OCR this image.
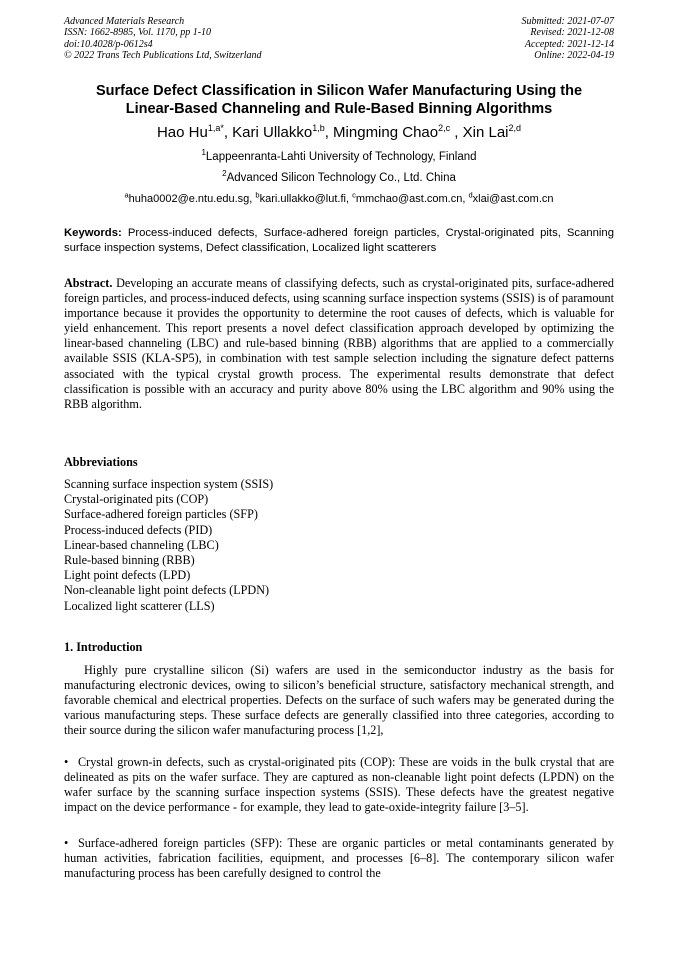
Advanced Materials Research
ISSN: 1662-8985, Vol. 1170, pp 1-10
doi:10.4028/p-0612s4
© 2022 Trans Tech Publications Ltd, Switzerland
Submitted: 2021-07-07
Revised: 2021-12-08
Accepted: 2021-12-14
Online: 2022-04-19
Surface Defect Classification in Silicon Wafer Manufacturing Using the
Linear-Based Channeling and Rule-Based Binning Algorithms
Hao $Hu^{1,a*}$, Kari Ullakko$^{1,b}$, Mingming Chao$^{2,c}$ , Xin Lai$^{2,d}$
$^1$Lappeenranta-Lahti University of Technology, Finland
$^2$Advanced Silicon Technology Co., Ltd. China
$^a$huha0002@e.ntu.edu.sg, $^b$kari.ullakko@lut.fi, $^c$mmchao@ast.com.cn, $^d$xlai@ast.com.cn
Keywords: Process-induced defects, Surface-adhered foreign particles, Crystal-originated pits, Scanning surface inspection systems, Defect classification, Localized light scatterers

Abstract. Developing an accurate means of classifying defects, such as crystal-originated pits, surface-adhered foreign particles, and process-induced defects, using scanning surface inspection systems (SSIS) is of paramount importance because it provides the opportunity to determine the root causes of defects, which is valuable for yield enhancement. This report presents a novel defect classification approach developed by optimizing the linear-based channeling (LBC) and rule-based binning (RBB) algorithms that are applied to a commercially available SSIS (KLA-SP5), in combination with test sample selection including the signature defect patterns associated with the typical crystal growth process. The experimental results demonstrate that defect classification is possible with an accuracy and purity above 80% using the LBC algorithm and 90% using the RBB algorithm.

Abbreviations
Scanning surface inspection system (SSIS)
Crystal-originated pits (COP)
Surface-adhered foreign particles (SFP)
Process-induced defects (PID)
Linear-based channeling (LBC)
Rule-based binning (RBB)
Light point defects (LPD)
Non-cleanable light point defects (LPDN)
Localized light scatterer (LLS)
1. Introduction

Highly pure crystalline silicon (Si) wafers are used in the semiconductor industry as the basis for manufacturing electronic devices, owing to silicon’s beneficial structure, satisfactory mechanical strength, and favorable chemical and electrical properties. Defects on the surface of such wafers may be generated during the various manufacturing steps. These surface defects are generally classified into three categories, according to their source during the silicon wafer manufacturing process [1,2],

• Crystal grown-in defects, such as crystal-originated pits (COP): These are voids in the bulk crystal that are delineated as pits on the wafer surface. They are captured as non-cleanable light point defects (LPDN) on the wafer surface by the scanning surface inspection systems (SSIS). These defects have the greatest negative impact on the device performance - for example, they lead to gate-oxide-integrity failure [3–5].

• Surface-adhered foreign particles (SFP): These are organic particles or metal contaminants generated by human activities, fabrication facilities, equipment, and processes [6–8]. The contemporary silicon wafer manufacturing process has been carefully designed to control the
